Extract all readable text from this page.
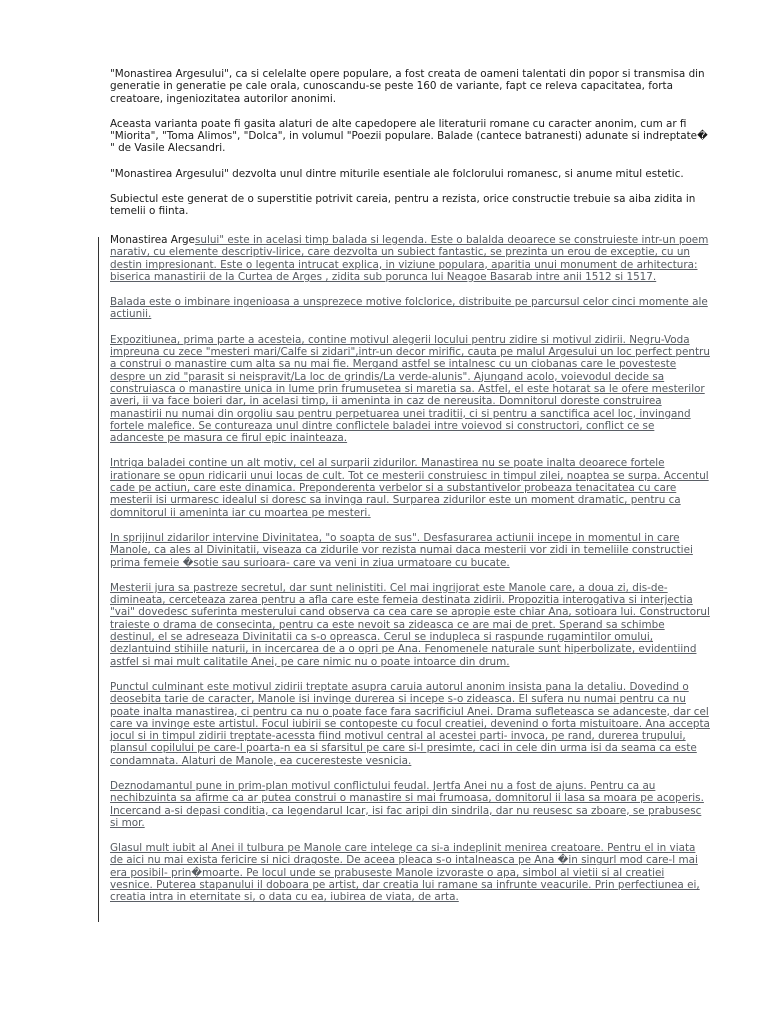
"Monastirea Argesului", ca si celelalte opere populare, a fost creata de oameni talentati din popor si transmisa din generatie in generatie pe cale orala, cunoscandu-se peste 160 de variante, fapt ce releva capacitatea, forta creatoare, ingeniozitatea autorilor anonimi.

Aceasta varianta poate fi gasita alaturi de alte capedopere ale literaturii romane cu caracter anonim, cum ar fi "Miorita", "Toma Alimos", "Dolca", in volumul "Poezii populare. Balade (cantece batranesti) adunate si indreptate� " de Vasile Alecsandri.

"Monastirea Argesului" dezvolta unul dintre miturile esentiale ale folclorului romanesc, si anume mitul estetic.

Subiectul este generat de o superstitie potrivit careia, pentru a rezista, orice constructie trebuie sa aiba zidita in temelii o fiinta.

Monastirea Argesului" este in acelasi timp balada si legenda. Este o balalda deoarece se construieste intr-un poem narativ, cu elemente descriptiv-lirice, care dezvolta un subiect fantastic, se prezinta un erou de exceptie, cu un destin impresionant. Este o legenta intrucat explica, in viziune populara, aparitia unui monument de arhitectura: biserica manastirii de la Curtea de Arges , zidita sub porunca lui Neagoe Basarab intre anii 1512 si 1517.

Balada este o imbinare ingenioasa a unsprezece motive folclorice, distribuite pe parcursul celor cinci momente ale actiunii.

Expozitiunea, prima parte a acesteia, contine motivul alegerii locului pentru zidire si motivul zidirii. Negru-Voda impreuna cu zece "mesteri mari/Calfe si zidari",intr-un decor mirific, cauta pe malul Argesului un loc perfect pentru a construi o manastire cum alta sa nu mai fie. Mergand astfel se intalnesc cu un ciobanas care le povesteste despre un zid "parasit si neispravit/La loc de grindis/La verde-alunis". Ajungand acolo, voievodul decide sa construiasca o manastire unica in lume prin frumusetea si maretia sa. Astfel, el este hotarat sa le ofere mesterilor averi, ii va face boieri dar, in acelasi timp, ii ameninta in caz de nereusita. Domnitorul doreste construirea manastirii nu numai din orgoliu sau pentru perpetuarea unei traditii, ci si pentru a sanctifica acel loc, invingand fortele malefice. Se contureaza unul dintre conflictele baladei intre voievod si constructori, conflict ce se adanceste pe masura ce firul epic inainteaza.

Intriga baladei contine un alt motiv, cel al surparii zidurilor. Manastirea nu se poate inalta deoarece fortele irationare se opun ridicarii unui locas de cult. Tot ce mesterii construiesc in timpul zilei, noaptea se surpa. Accentul cade pe actiun, care este dinamica. Preponderenta verbelor si a substantivelor probeaza tenacitatea cu care mesterii isi urmaresc idealul si doresc sa invinga raul. Surparea zidurilor este un moment dramatic, pentru ca domnitorul ii ameninta iar cu moartea pe mesteri.

In sprijinul zidarilor intervine Divinitatea, "o soapta de sus". Desfasurarea actiunii incepe in momentul in care Manole, ca ales al Divinitatii, viseaza ca zidurile vor rezista numai daca mesterii vor zidi in temeliile constructiei prima femeie �sotie sau surioara- care va veni in ziua urmatoare cu bucate.

Mesterii jura sa pastreze secretul, dar sunt nelinistiti. Cel mai ingrijorat este Manole care, a doua zi, dis-de-dimineata, cerceteaza zarea pentru a afla care este femeia destinata zidirii. Propozitia interogativa si interjectia "vai" dovedesc suferinta mesterului cand observa ca cea care se apropie este chiar Ana, sotioara lui. Constructorul traieste o drama de consecinta, pentru ca este nevoit sa zideasca ce are mai de pret. Sperand sa schimbe destinul, el se adreseaza Divinitatii ca s-o opreasca. Cerul se indupleca si raspunde rugamintilor omului, dezlantuind stihiile naturii, in incercarea de a o opri pe Ana. Fenomenele naturale sunt hiperbolizate, evidentiind astfel si mai mult calitatile Anei, pe care nimic nu o poate intoarce din drum.

Punctul culminant este motivul zidirii treptate asupra caruia autorul anonim insista pana la detaliu. Dovedind o deosebita tarie de caracter, Manole isi invinge durerea si incepe s-o zideasca. El sufera nu numai pentru ca nu poate inalta manastirea, ci pentru ca nu o poate face fara sacrificiul Anei. Drama sufleteasca se adanceste, dar cel care va invinge este artistul. Focul iubirii se contopeste cu focul creatiei, devenind o forta mistuitoare. Ana accepta jocul si in timpul zidirii treptate-acessta fiind motivul central al acestei parti- invoca, pe rand, durerea trupului, plansul copilului pe care-l poarta-n ea si sfarsitul pe care si-l presimte, caci in cele din urma isi da seama ca este condamnata. Alaturi de Manole, ea cuceresteste vesnicia.

Deznodamantul pune in prim-plan motivul conflictului feudal. Jertfa Anei nu a fost de ajuns. Pentru ca au nechibzuinta sa afirme ca ar putea construi o manastire si mai frumoasa, domnitorul ii lasa sa moara pe acoperis. Incercand a-si depasi conditia, ca legendarul Icar, isi fac aripi din sindrila, dar nu reusesc sa zboare, se prabusesc si mor.

Glasul mult iubit al Anei il tulbura pe Manole care intelege ca si-a indeplinit menirea creatoare. Pentru el in viata de aici nu mai exista fericire si nici dragoste. De aceea pleaca s-o intalneasca pe Ana �in singurl mod care-l mai era posibil- prin�moarte. Pe locul unde se prabuseste Manole izvoraste o apa, simbol al vietii si al creatiei vesnice. Puterea stapanului il doboara pe artist, dar creatia lui ramane sa infrunte veacurile. Prin perfectiunea ei, creatia intra in eternitate si, o data cu ea, iubirea de viata, de arta.
